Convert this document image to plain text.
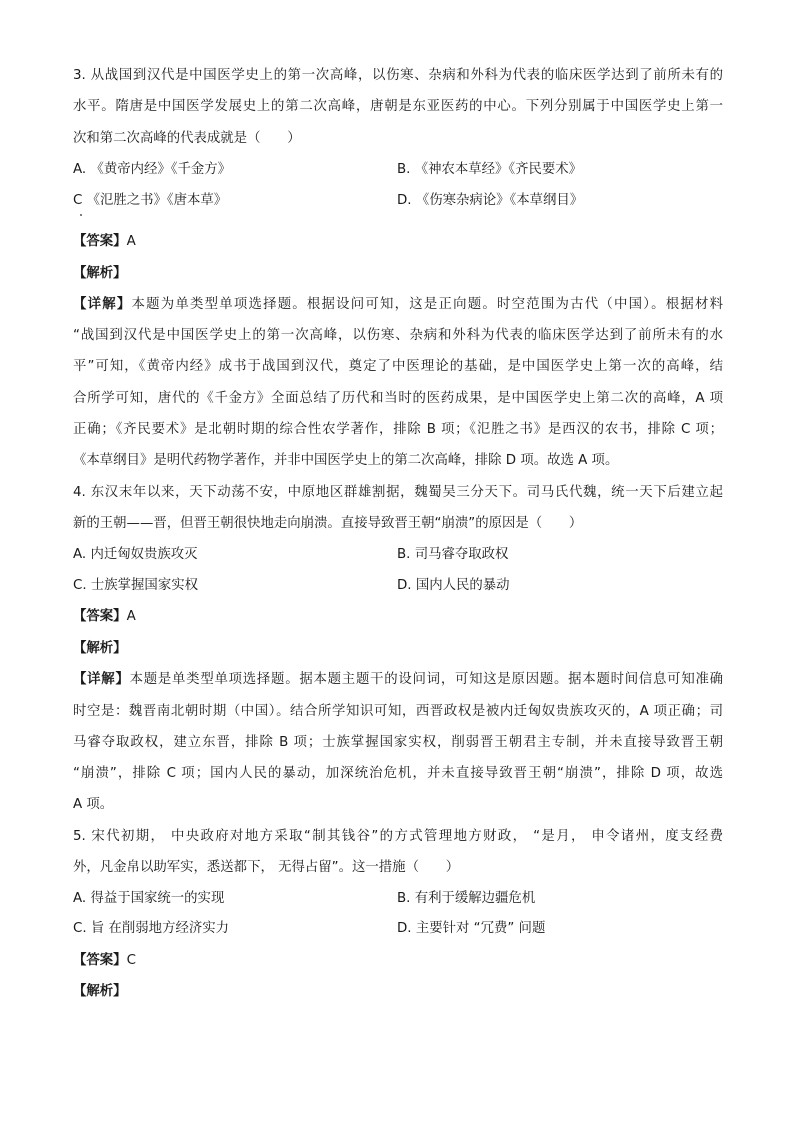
3. 从战国到汉代是中国医学史上的第一次高峰，以伤寒、杂病和外科为代表的临床医学达到了前所未有的
水平。隋唐是中国医学发展史上的第二次高峰，唐朝是东亚医药的中心。下列分别属于中国医学史上第一
次和第二次高峰的代表成就是（　　）
A. 《黄帝内经》《千金方》	B. 《神农本草经》《齐民要术》
C 《氾胜之书》《唐本草》	D. 《伤寒杂病论》《本草纲目》
【答案】A
【解析】
【详解】本题为单类型单项选择题。根据设问可知，这是正向题。时空范围为古代（中国）。根据材料
“战国到汉代是中国医学史上的第一次高峰，以伤寒、杂病和外科为代表的临床医学达到了前所未有的水
平”可知，《黄帝内经》成书于战国到汉代，奠定了中医理论的基础，是中国医学史上第一次的高峰，结
合所学可知，唐代的《千金方》全面总结了历代和当时的医药成果，是中国医学史上第二次的高峰，A 项
正确；《齐民要术》是北朝时期的综合性农学著作，排除 B 项；《氾胜之书》是西汉的农书，排除 C 项；
《本草纲目》是明代药物学著作，并非中国医学史上的第二次高峰，排除 D 项。故选 A 项。
4. 东汉末年以来，天下动荡不安，中原地区群雄割据，魏蜀吴三分天下。司马氏代魏，统一天下后建立起
新的王朝——晋，但晋王朝很快地走向崩溃。直接导致晋王朝“崩溃”的原因是（　　）
A. 内迁匈奴贵族攻灭	B. 司马睿夺取政权
C. 士族掌握国家实权	D. 国内人民的暴动
【答案】A
【解析】
【详解】本题是单类型单项选择题。据本题主题干的设问词，可知这是原因题。据本题时间信息可知准确
时空是：魏晋南北朝时期（中国）。结合所学知识可知，西晋政权是被内迁匈奴贵族攻灭的，A 项正确；司
马睿夺取政权，建立东晋，排除 B 项；士族掌握国家实权，削弱晋王朝君主专制，并未直接导致晋王朝
“崩溃”，排除 C 项；国内人民的暴动，加深统治危机，并未直接导致晋王朝“崩溃”，排除 D 项，故选
A 项。
5. 宋代初期， 中央政府对地方采取“制其钱谷”的方式管理地方财政， “是月， 申令诸州，度支经费
外，凡金帛以助军实，悉送都下， 无得占留”。这一措施（　　）
A. 得益于国家统一的实现	B. 有利于缓解边疆危机
C. 旨 在削弱地方经济实力	D. 主要针对 “冗费” 问题
【答案】C
【解析】
